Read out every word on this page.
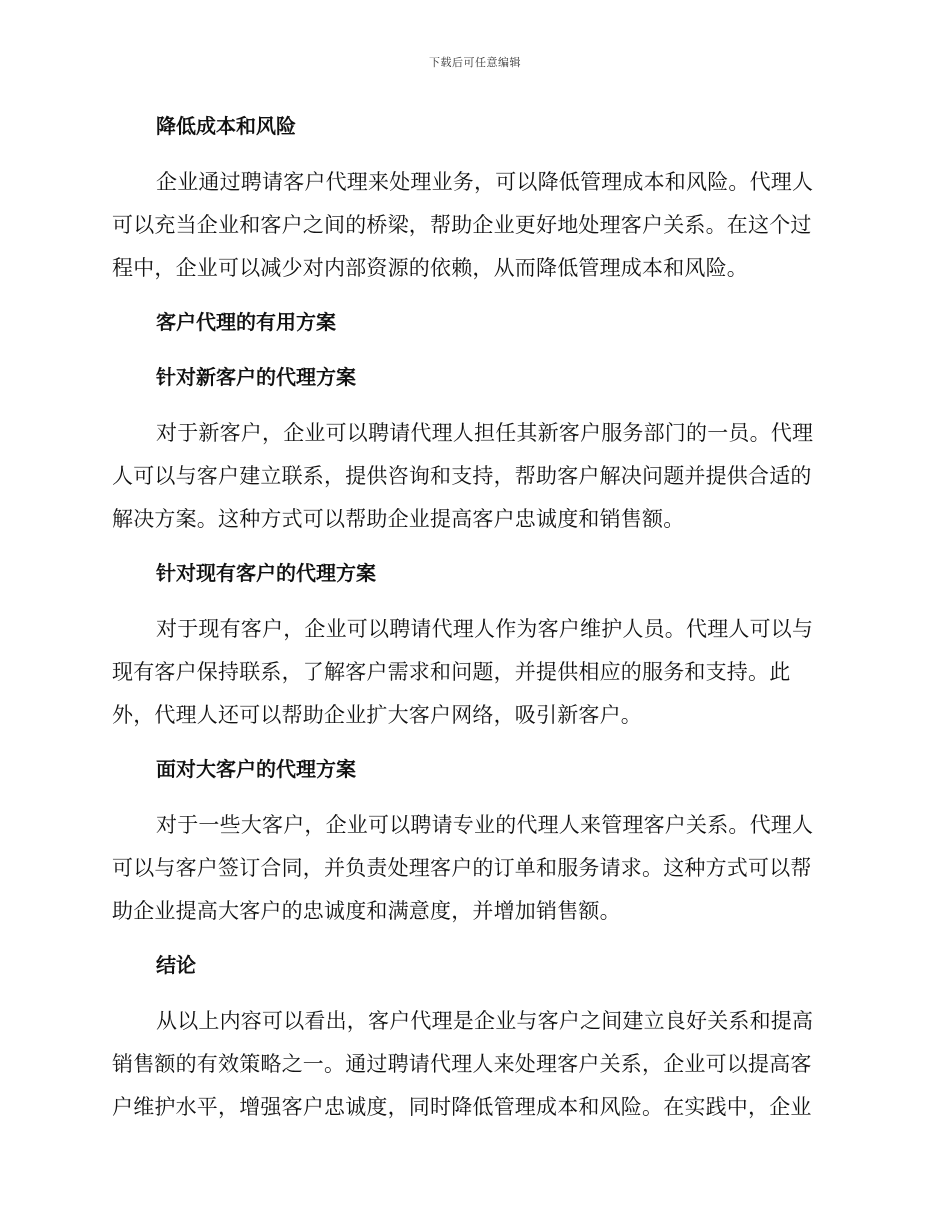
下载后可任意编辑
降低成本和风险
企业通过聘请客户代理来处理业务，可以降低管理成本和风险。代理人
可以充当企业和客户之间的桥梁，帮助企业更好地处理客户关系。在这个过
程中，企业可以减少对内部资源的依赖，从而降低管理成本和风险。
客户代理的有用方案
针对新客户的代理方案
对于新客户，企业可以聘请代理人担任其新客户服务部门的一员。代理
人可以与客户建立联系，提供咨询和支持，帮助客户解决问题并提供合适的
解决方案。这种方式可以帮助企业提高客户忠诚度和销售额。
针对现有客户的代理方案
对于现有客户，企业可以聘请代理人作为客户维护人员。代理人可以与
现有客户保持联系，了解客户需求和问题，并提供相应的服务和支持。此
外，代理人还可以帮助企业扩大客户网络，吸引新客户。
面对大客户的代理方案
对于一些大客户，企业可以聘请专业的代理人来管理客户关系。代理人
可以与客户签订合同，并负责处理客户的订单和服务请求。这种方式可以帮
助企业提高大客户的忠诚度和满意度，并增加销售额。
结论
从以上内容可以看出，客户代理是企业与客户之间建立良好关系和提高
销售额的有效策略之一。通过聘请代理人来处理客户关系，企业可以提高客
户维护水平，增强客户忠诚度，同时降低管理成本和风险。在实践中，企业
